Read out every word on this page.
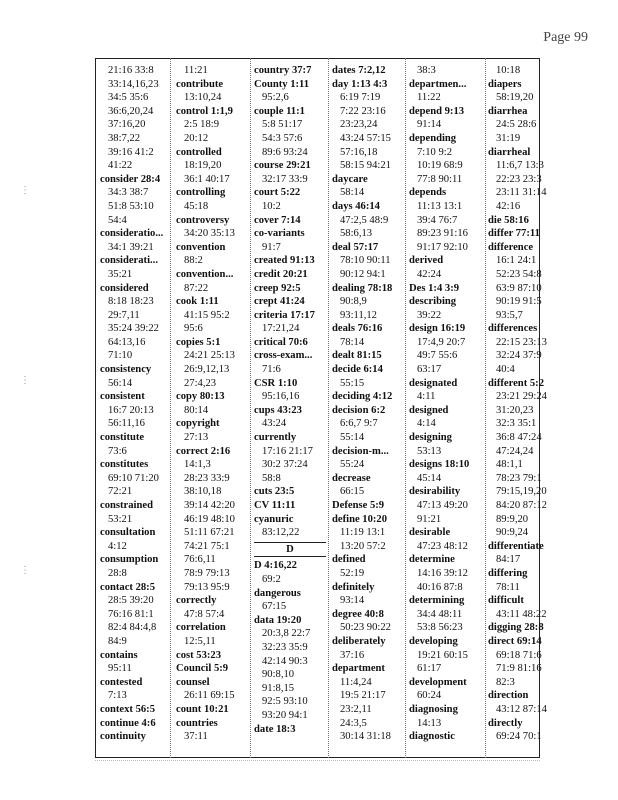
Page 99
⋮
⋮
⋮
21:16 33:8
33:14,16,23
34:5 35:6
36:6,20,24
37:16,20
38:7,22
39:16 41:2
41:22
consider 28:4
34:3 38:7
51:8 53:10
54:4
consideratio...
34:1 39:21
considerati...
35:21
considered
8:18 18:23
29:7,11
35:24 39:22
64:13,16
71:10
consistency
56:14
consistent
16:7 20:13
56:11,16
constitute
73:6
constitutes
69:10 71:20
72:21
constrained
53:21
consultation
4:12
consumption
28:8
contact 28:5
28:5 39:20
76:16 81:1
82:4 84:4,8
84:9
contains
95:11
contested
7:13
context 56:5
continue 4:6
continuity
11:21
contribute
13:10,24
control 1:1,9
2:5 18:9
20:12
controlled
18:19,20
36:1 40:17
controlling
45:18
controversy
34:20 35:13
convention
88:2
convention...
87:22
cook 1:11
41:15 95:2
95:6
copies 5:1
24:21 25:13
26:9,12,13
27:4,23
copy 80:13
80:14
copyright
27:13
correct 2:16
14:1,3
28:23 33:9
38:10,18
39:14 42:20
46:19 48:10
51:11 67:21
74:21 75:1
76:6,11
78:9 79:13
79:13 95:9
correctly
47:8 57:4
correlation
12:5,11
cost 53:23
Council 5:9
counsel
26:11 69:15
count 10:21
countries
37:11
country 37:7
County 1:11
95:2,6
couple 11:1
5:8 51:17
54:3 57:6
89:6 93:24
course 29:21
32:17 33:9
court 5:22
10:2
cover 7:14
co-variants
91:7
created 91:13
credit 20:21
creep 92:5
crept 41:24
criteria 17:17
17:21,24
critical 70:6
cross-exam...
71:6
CSR 1:10
95:16,16
cups 43:23
43:24
currently
17:16 21:17
30:2 37:24
58:8
cuts 23:5
CV 11:11
cyanuric
83:12,22
D
D 4:16,22
69:2
dangerous
67:15
data 19:20
20:3,8 22:7
32:23 35:9
42:14 90:3
90:8,10
91:8,15
92:5 93:10
93:20 94:1
date 18:3
dates 7:2,12
day 1:13 4:3
6:19 7:19
7:22 23:16
23:23,24
43:24 57:15
57:16,18
58:15 94:21
daycare
58:14
days 46:14
47:2,5 48:9
58:6,13
deal 57:17
78:10 90:11
90:12 94:1
dealing 78:18
90:8,9
93:11,12
deals 76:16
78:14
dealt 81:15
decide 6:14
55:15
deciding 4:12
decision 6:2
6:6,7 9:7
55:14
decision-m...
55:24
decrease
66:15
Defense 5:9
define 10:20
11:19 13:1
13:20 57:2
defined
52:19
definitely
93:14
degree 40:8
50:23 90:22
deliberately
37:16
department
11:4,24
19:5 21:17
23:2,11
24:3,5
30:14 31:18
38:3
departmen...
11:22
depend 9:13
91:14
depending
7:10 9:2
10:19 68:9
77:8 90:11
depends
11:13 13:1
39:4 76:7
89:23 91:16
91:17 92:10
derived
42:24
Des 1:4 3:9
describing
39:22
design 16:19
17:4,9 20:7
49:7 55:6
63:17
designated
4:11
designed
4:14
designing
53:13
designs 18:10
45:14
desirability
47:13 49:20
91:21
desirable
47:23 48:12
determine
14:16 39:12
40:16 87:8
determining
34:4 48:11
53:8 56:23
developing
19:21 60:15
61:17
development
60:24
diagnosing
14:13
diagnostic
10:18
diapers
58:19,20
diarrhea
24:5 28:6
31:19
diarrheal
11:6,7 13:3
22:23 23:3
23:11 31:14
42:16
die 58:16
differ 77:11
difference
16:1 24:1
52:23 54:8
63:9 87:10
90:19 91:5
93:5,7
differences
22:15 23:13
32:24 37:9
40:4
different 5:2
23:21 29:24
31:20,23
32:3 35:1
36:8 47:24
47:24,24
48:1,1
78:23 79:1
79:15,19,20
84:20 87:12
89:9,20
90:9,24
differentiate
84:17
differing
78:11
difficult
43:11 48:22
digging 28:8
direct 69:14
69:18 71:6
71:9 81:16
82:3
direction
43:12 87:14
directly
69:24 70:1
